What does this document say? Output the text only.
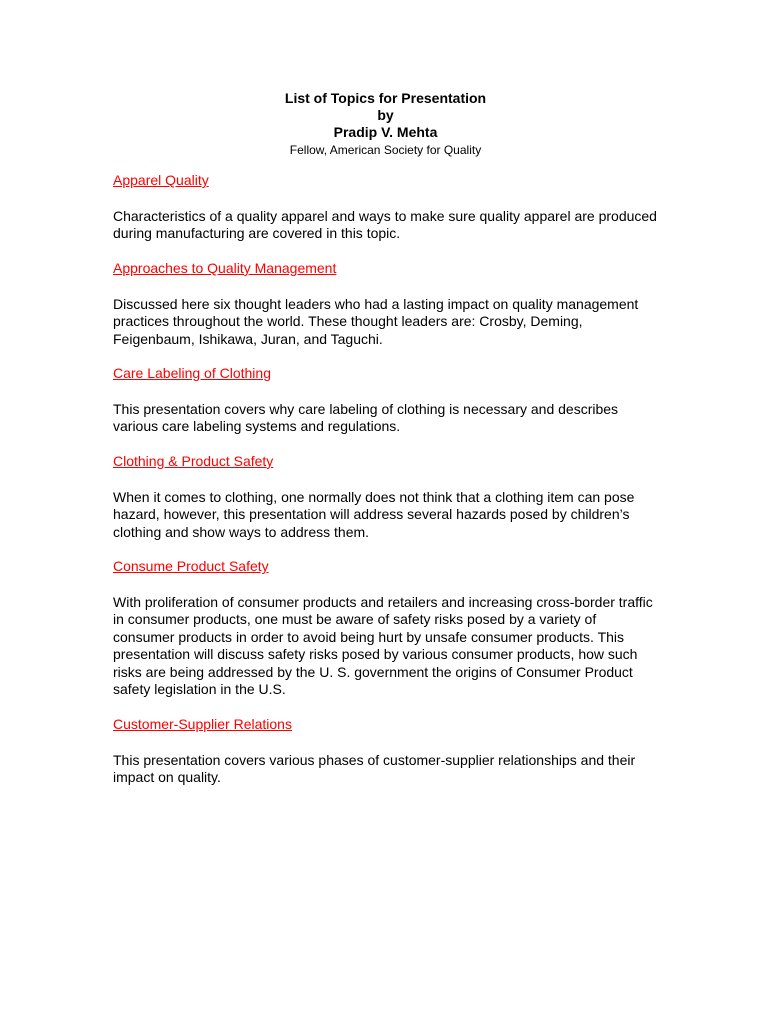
List of Topics for Presentation
by
Pradip V. Mehta
Fellow, American Society for Quality
Apparel Quality

Characteristics of a quality apparel and ways to make sure quality apparel are produced during manufacturing are covered in this topic.

Approaches to Quality Management

Discussed here six thought leaders who had a lasting impact on quality management practices throughout the world. These thought leaders are: Crosby, Deming, Feigenbaum, Ishikawa, Juran, and Taguchi.

Care Labeling of Clothing

This presentation covers why care labeling of clothing is necessary and describes various care labeling systems and regulations.

Clothing & Product Safety

When it comes to clothing, one normally does not think that a clothing item can pose hazard, however, this presentation will address several hazards posed by children’s clothing and show ways to address them.

Consume Product Safety

With proliferation of consumer products and retailers and increasing cross-border traffic in consumer products, one must be aware of safety risks posed by a variety of consumer products in order to avoid being hurt by unsafe consumer products. This presentation will discuss safety risks posed by various consumer products, how such risks are being addressed by the U. S. government the origins of Consumer Product safety legislation in the U.S.

Customer-Supplier Relations

This presentation covers various phases of customer-supplier relationships and their impact on quality.
